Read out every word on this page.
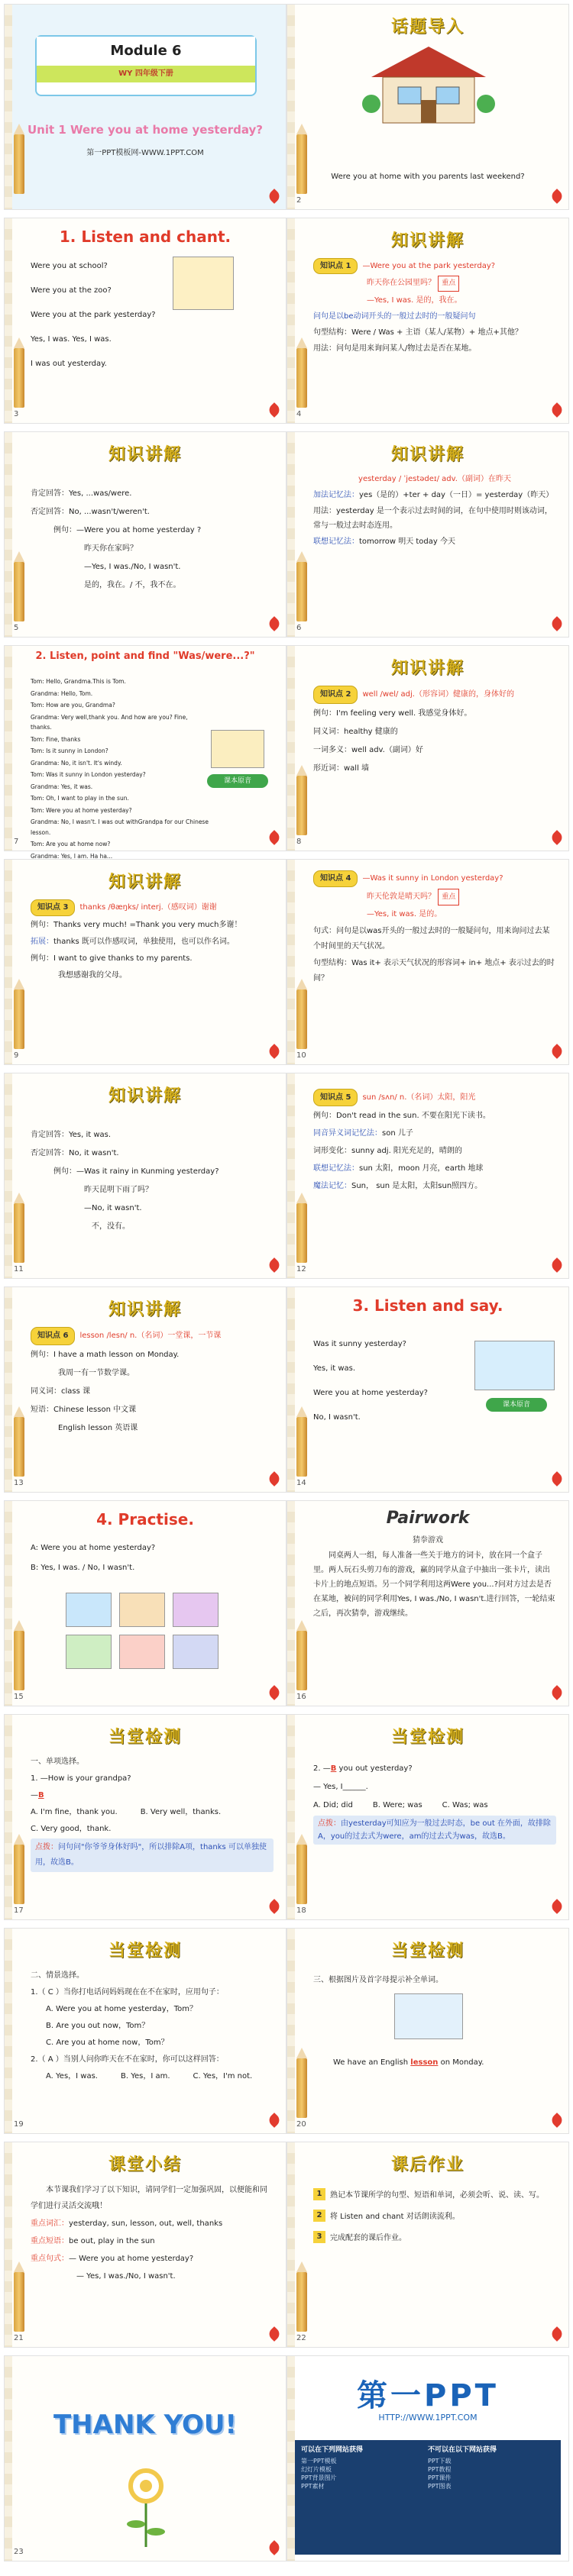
Module 6
WY 四年级下册
Unit 1 Were you at home yesterday?
第一PPT模板网-WWW.1PPT.COM
话题导入
Were you at home with you parents last weekend?
2
1. Listen and chant.

Were you at school?

Were you at the zoo?

Were you at the park yesterday?

Yes, I was. Yes, I was.

I was out yesterday.

3
知识讲解

知识点 1 —Were you at the park yesterday?

昨天你在公园里吗？ 重点

—Yes, I was. 是的，我在。

问句是以be动词开头的一般过去时的一般疑问句

句型结构：Were / Was + 主语（某人/某物）+ 地点+其他？

用法：问句是用来询问某人/物过去是否在某地。

4
知识讲解

肯定回答：Yes, ...was/were.

否定回答：No, ...wasn't/weren't.

例句：—Were you at home yesterday ?

昨天你在家吗？

—Yes, I was./No, I wasn't.

是的，我在。/ 不，我不在。

5
知识讲解

yesterday / ˈjestədeɪ/ adv.（副词）在昨天

加法记忆法：yes（是的）+ter + day（一日）= yesterday（昨天）

用法：yesterday 是一个表示过去时间的词，在句中使用时则该动词，常与一般过去时态连用。

联想记忆法：tomorrow 明天 today 今天

6
2. Listen, point and find "Was/were...?"

Tom: Hello, Grandma.This is Tom.

Grandma: Hello, Tom.

Tom: How are you, Grandma?

Grandma: Very well,thank you. And how are you? Fine, thanks.

Tom: Fine, thanks

Tom: Is it sunny in London?

Grandma: No, it isn't. It's windy.

Tom: Was it sunny in London yesterday?

Grandma: Yes, it was.

Tom: Oh, I want to play in the sun.

Tom: Were you at home yesterday?

Grandma: No, I wasn't. I was out withGrandpa for our Chinese lesson.

Tom: Are you at home now?

Grandma: Yes, I am. Ha ha...

课本原音
7
知识讲解

知识点 2 well /wel/ adj.（形容词）健康的，身体好的

例句：I'm feeling very well. 我感觉身体好。

同义词：healthy 健康的

一词多义：well adv.（副词）好

形近词：wall 墙

8
知识讲解

知识点 3 thanks /θæŋks/ interj.（感叹词）谢谢

例句：Thanks very much! =Thank you very much多谢！

拓展：thanks 既可以作感叹词，单独使用，也可以作名词。

例句：I want to give thanks to my parents.

我想感谢我的父母。

9

知识点 4 —Was it sunny in London yesterday?

昨天伦敦是晴天吗？ 重点

—Yes, it was. 是的。

句式：问句是以was开头的一般过去时的一般疑问句，用来询问过去某个时间里的天气状况。

句型结构：Was it+ 表示天气状况的形容词+ in+ 地点+ 表示过去的时间？

10
知识讲解

肯定回答：Yes, it was.

否定回答：No, it wasn't.

例句：—Was it rainy in Kunming yesterday?

昨天昆明下雨了吗？

—No, it wasn't.

不，没有。

11

知识点 5 sun /sʌn/ n.（名词）太阳，阳光

例句：Don't read in the sun. 不要在阳光下读书。

同音异义词记忆法：son 儿子

词形变化：sunny adj. 阳光充足的，晴朗的

联想记忆法：sun 太阳，moon 月亮，earth 地球

魔法记忆：Sun， sun 是太阳，太阳sun照四方。

12
知识讲解

知识点 6 lesson /lesn/ n.（名词）一堂课，一节课

例句：I have a math lesson on Monday.

我周一有一节数学课。

同义词：class 课

短语：Chinese lesson 中文课

English lesson 英语课

13
3. Listen and say.

Was it sunny yesterday?

Yes, it was.

Were you at home yesterday?

No, I wasn't.

课本原音
14
4. Practise.

A: Were you at home yesterday?

B: Yes, I was. / No, I wasn't.

15
Pairwork
猜拳游戏
同桌两人一组，每人准备一些关于地方的词卡，放在同一个盒子里。两人玩石头剪刀布的游戏，赢的同学从盒子中抽出一张卡片，读出卡片上的地点短语。另一个同学利用这两Were you...?问对方过去是否在某地，被问的同学利用Yes, I was./No, I wasn't.进行回答，一轮结束之后，再次猜拳，游戏继续。
16
当堂检测

一、单项选择。

1. —How is your grandpa?

—B

A. I'm fine，thank you.	B. Very well，thanks.

C. Very good，thank.

点拨：问句问"你爷爷身体好吗"，所以排除A项，thanks 可以单独使用，故选B。

17
当堂检测

2. —B you out yesterday?

— Yes, I______.

A. Did; did	B. Were; was	C. Was; was

点拨：由yesterday可知应为一般过去时态，be out 在外面，故排除A，you的过去式为were，am的过去式为was，故选B。

18
当堂检测

二、情景选择。

1.（ C ）当你打电话问妈妈现在在不在家时，应用句子：

A. Were you at home yesterday，Tom？

B. Are you out now，Tom？

C. Are you at home now，Tom？

2.（ A ）当别人问你昨天在不在家时，你可以这样回答：

A. Yes，I was.	B. Yes，I am.	C. Yes，I'm not.

19
当堂检测

三、根据图片及首字母提示补全单词。

We have an English lesson on Monday.
20
课堂小结

本节课我们学习了以下知识，请同学们一定加强巩固，以便能和同学们进行灵活交流哦！

重点词汇：yesterday, sun, lesson, out, well, thanks

重点短语：be out, play in the sun

重点句式：— Were you at home yesterday?

— Yes, I was./No, I wasn't.

21
课后作业
1	熟记本节课所学的句型、短语和单词，必须会听、说、读、写。
2	将 Listen and chant 对话朗读流利。
3	完成配套的课后作业。
22
THANK YOU!
23
第一PPT
HTTP://WWW.1PPT.COM
可以在下列网站获得
第一PPT模板
幻灯片模板
PPT背景图片
PPT素材
不可以在以下网站获得
PPT下载
PPT教程
PPT课件
PPT图表
